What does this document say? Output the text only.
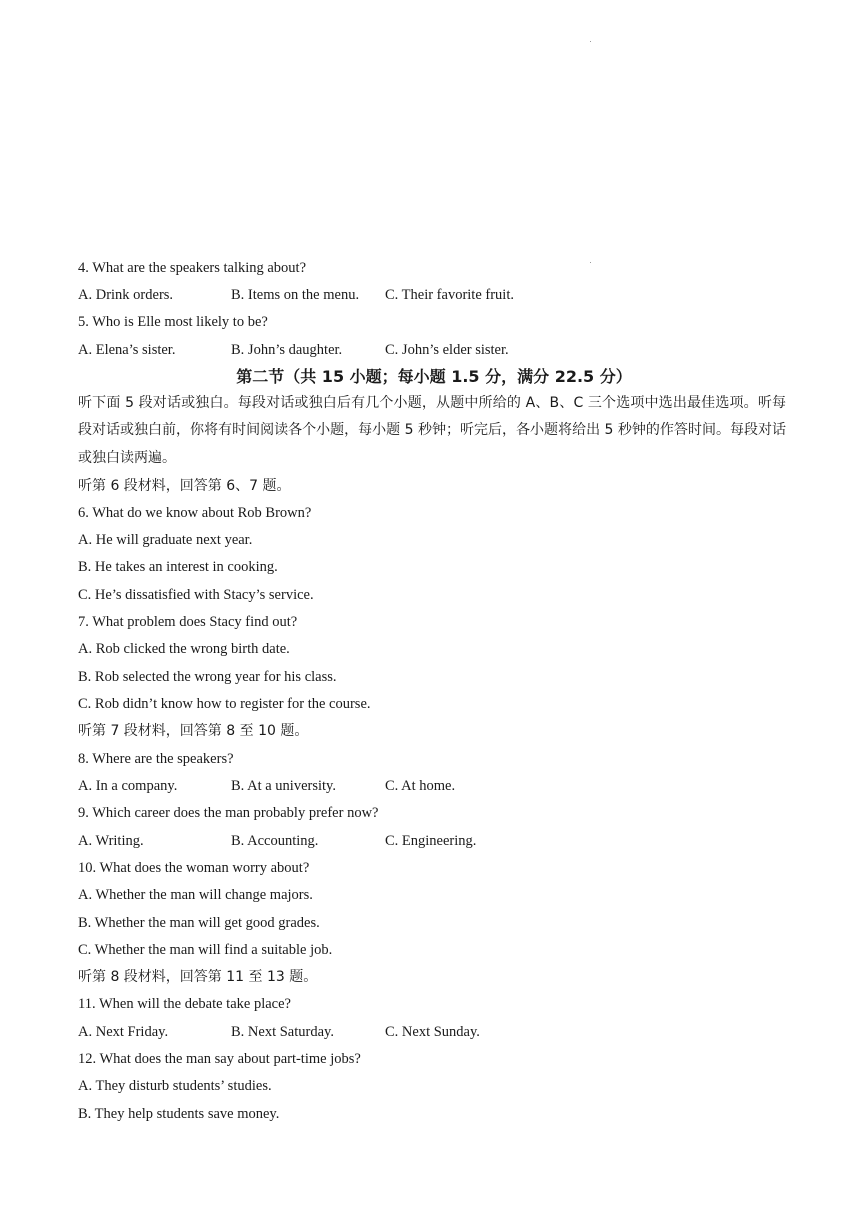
4. What are the speakers talking about?
A. Drink orders.	B. Items on the menu. C. Their favorite fruit.
5. Who is Elle most likely to be?
A. Elena’s sister.	B. John’s daughter.	C. John’s elder sister.
第二节（共 15 小题；每小题 1.5 分，满分 22.5 分）
听下面 5 段对话或独白。每段对话或独白后有几个小题，从题中所给的 A、B、C 三个选项中选出最佳选项。听每段对话或独白前，你将有时间阅读各个小题，每小题 5 秒钟；听完后，各小题将给出 5 秒钟的作答时间。每段对话或独白读两遍。
听第 6 段材料，回答第 6、7 题。
6. What do we know about Rob Brown?
A. He will graduate next year.
B. He takes an interest in cooking.
C. He’s dissatisfied with Stacy’s service.
7. What problem does Stacy find out?
A. Rob clicked the wrong birth date.
B. Rob selected the wrong year for his class.
C. Rob didn’t know how to register for the course.
听第 7 段材料，回答第 8 至 10 题。
8. Where are the speakers?
A. In a company.	B. At a university.	C. At home.
9. Which career does the man probably prefer now?
A. Writing.	B. Accounting.	C. Engineering.
10. What does the woman worry about?
A. Whether the man will change majors.
B. Whether the man will get good grades.
C. Whether the man will find a suitable job.
听第 8 段材料，回答第 11 至 13 题。
11. When will the debate take place?
A. Next Friday.	B. Next Saturday.	C. Next Sunday.
12. What does the man say about part-time jobs?
A. They disturb students’ studies.
B. They help students save money.
